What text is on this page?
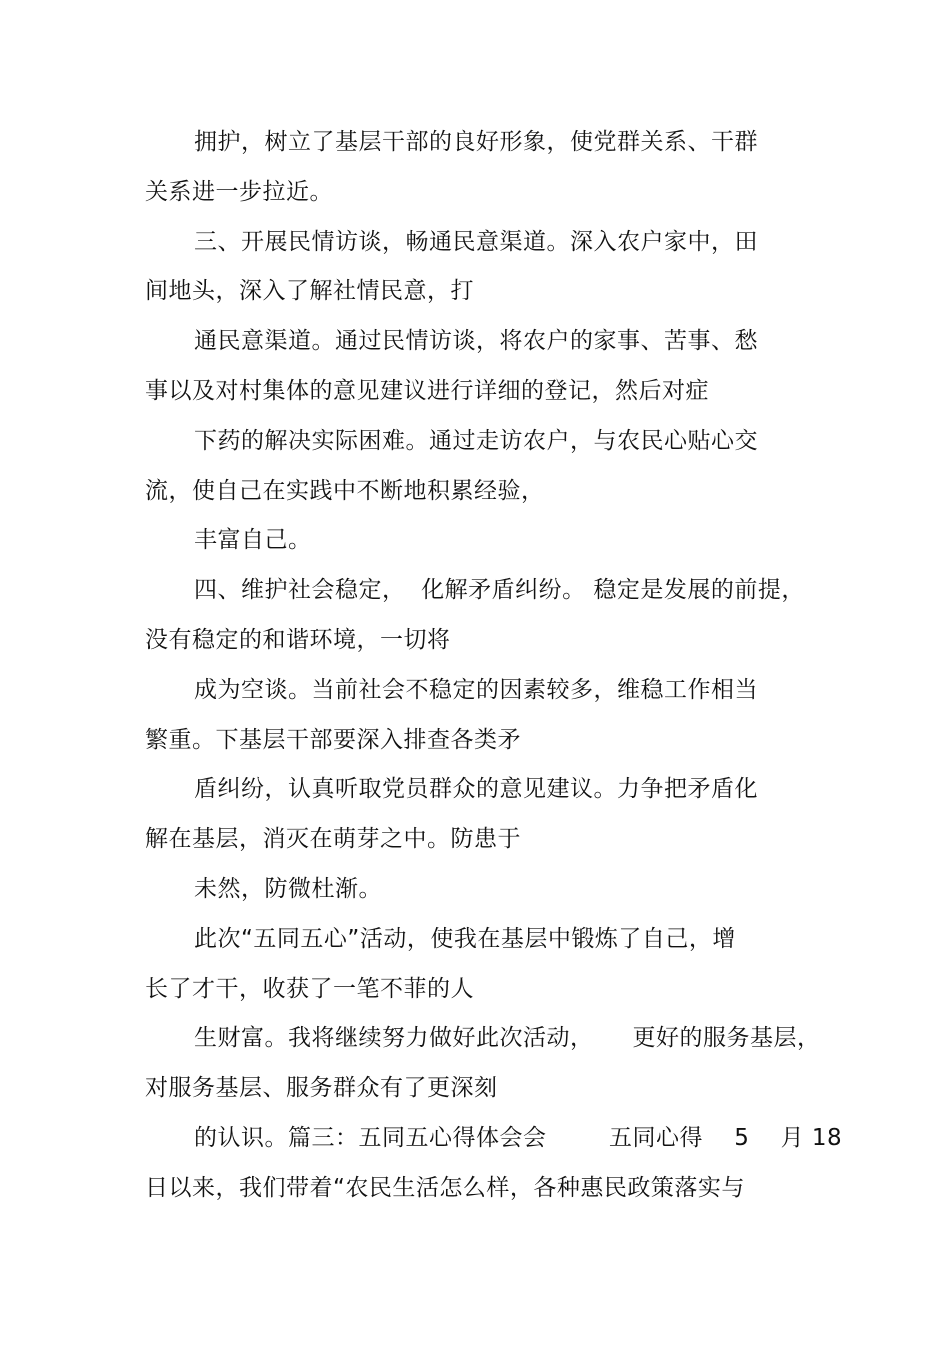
拥护，树立了基层干部的良好形象，使党群关系、干群

关系进一步拉近。

三、开展民情访谈，畅通民意渠道。深入农户家中，田

间地头，深入了解社情民意，打

通民意渠道。通过民情访谈，将农户的家事、苦事、愁

事以及对村集体的意见建议进行详细的登记，然后对症

下药的解决实际困难。通过走访农户，与农民心贴心交

流，使自己在实践中不断地积累经验，

丰富自己。

四、维护社会稳定，  化解矛盾纠纷。 稳定是发展的前提，

没有稳定的和谐环境，一切将

成为空谈。当前社会不稳定的因素较多，维稳工作相当

繁重。下基层干部要深入排查各类矛

盾纠纷，认真听取党员群众的意见建议。力争把矛盾化

解在基层，消灭在萌芽之中。防患于

未然，防微杜渐。

此次“五同五心”活动，使我在基层中锻炼了自己，增

长了才干，收获了一笔不菲的人

生财富。我将继续努力做好此次活动，     更好的服务基层，

对服务基层、服务群众有了更深刻

的认识。篇三：五同五心得体会会        五同心得    5    月 18

日以来，我们带着“农民生活怎么样，各种惠民政策落实与
